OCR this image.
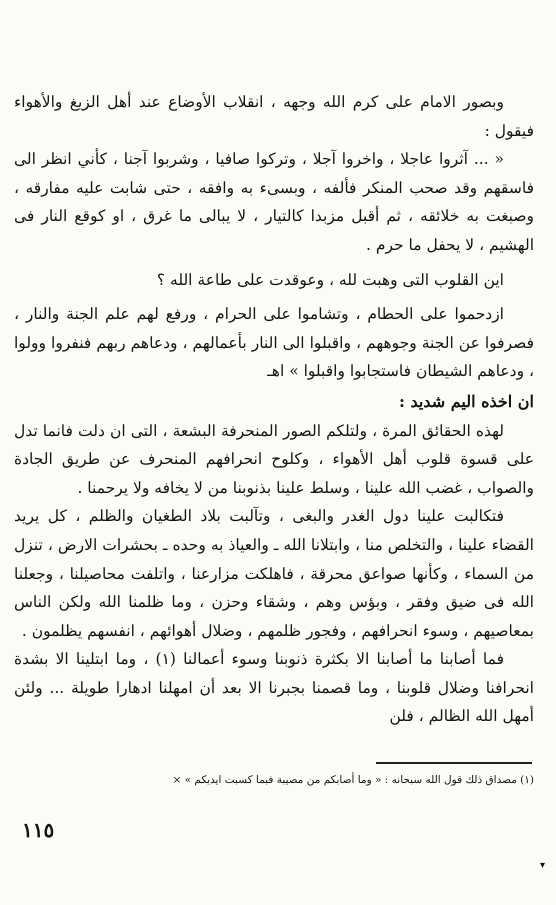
وبصور الامام على كرم الله وجهه ، انقلاب الأوضاع عند أهل الزيغ والأهواء فيقول :

« ... آثروا عاجلا ، واخروا آجلا ، وتركوا صافيا ، وشربوا آجنا ، كأني انظر الى فاسقهم وقد صحب المنكر فألفه ، وبسىء به وافقه ، حتى شابت عليه مفارقه ، وصبغت به خلائقه ، ثم أقبل مزبدا كالتيار ، لا يبالى ما غرق ، او كوقع النار فى الهشيم ، لا يحفل ما حرم .

اين القلوب التى وهبت لله ، وعوقدت على طاعة الله ؟

ازدحموا على الحطام ، وتشاموا على الحرام ، ورفع لهم علم الجنة والنار ، فصرفوا عن الجنة وجوههم ، واقبلوا الى النار بأعمالهم ، ودعاهم ربهم فنفروا وولوا ، ودعاهم الشيطان فاستجابوا واقبلوا » اهـ

ان اخذه اليم شديد :

لهذه الحقائق المرة ، ولتلكم الصور المنحرفة البشعة ، التى ان دلت فانما تدل على قسوة قلوب أهل الأهواء ، وكلوح انحرافهم المنحرف عن طريق الجادة والصواب ، غضب الله علينا ، وسلط علينا بذنوبنا من لا يخافه ولا يرحمنا .

فتكالبت علينا دول الغدر والبغى ، وتآلبت بلاد الطغيان والظلم ، كل يريد القضاء علينا ، والتخلص منا ، وابتلانا الله ـ والعياذ به وحده ـ بحشرات الارض ، تنزل من السماء ، وكأنها صواعق محرقة ، فاهلكت مزارعنا ، واتلفت محاصيلنا ، وجعلنا الله فى ضيق وفقر ، وبؤس وهم ، وشقاء وحزن ، وما ظلمنا الله ولكن الناس بمعاصيهم ، وسوء انحرافهم ، وفجور ظلمهم ، وضلال أهوائهم ، انفسهم يظلمون .

فما أصابنا ما أصابنا الا بكثرة ذنوبنا وسوء أعمالنا (١) ، وما ابتلينا الا بشدة انحرافنا وضلال قلوبنا ، وما قصمنا بجبرنا الا بعد أن امهلنا ادهارا طويلة ... ولئن أمهل الله الظالم ، فلن

(١) مصداق ذلك قول الله سبحانه : « وما أصابكم من مصيبة فبما كسبت ايديكم » ×
١١٥
▾
